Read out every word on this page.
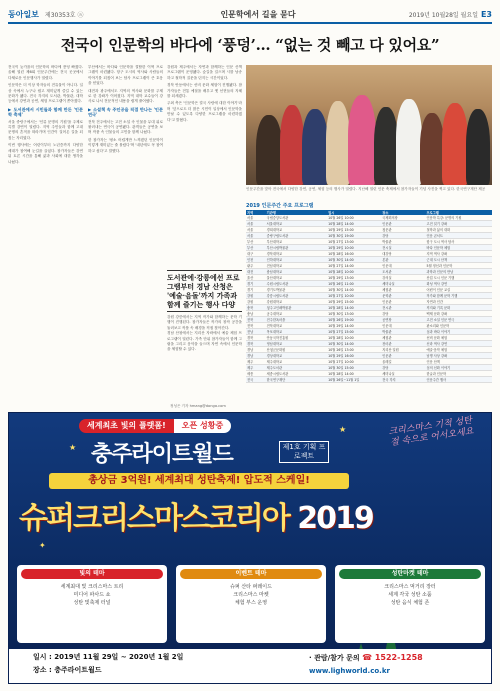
동아일보 제30353호 ⓐ	인문학에서 길을 묻다	2019년 10월28일 월요일 E3
전국이 인문학의 바다에 ‘풍덩’… “없는 것 빼고 다 있어요”

전국이 늦가을의 인문학의 바다에 풍덩 빠졌다. 올해 열린 제6회 인문주간에는 전국 곳곳에서 다채로운 인문행사가 열렸다.

인문학은 더 이상 학자들의 전유물이 아니다. 일상 속에서 누구나 쉽고 재미있게 즐길 수 있는 문화가 됐다. 전국 각지의 도서관, 박물관, 대학 등에서 강연과 공연, 체험 프로그램이 쏟아졌다.

▶ 도서관에서 시민들과 함께 만든 '인문학 축제'

서울 중랑구에서는 '인류 문명의 기원'을 주제로 특별 강연이 열렸다. 지역 주민들과 함께 고대 문명의 흔적을 따라가며 인간이 걸어온 길을 되짚는 자리였다.

이번 행사에는 어린이부터 노년층까지 다양한 세대가 참여해 눈길을 끌었다. 참가자들은 강연 뒤 토론 시간을 통해 삶과 사회에 대한 생각을 나눴다.

부산에서는 바다와 인문학을 결합한 이색 프로그램이 마련됐다. 항구 도시의 역사와 사람들의 이야기를 되짚어 보는 답사 프로그램이 큰 호응을 얻었다.

대전과 광주에서도 지역의 역사와 문화를 주제로 한 강좌가 이어졌다. 지역 대학 교수들이 강사로 나서 전문적인 내용을 쉽게 풀어냈다.

▶ 소설책 속 주인공을 직접 만나는 '인문 연극'

전북 전주에서는 고전 소설 속 인물을 무대 위로 불러내는 연극이 공연됐다. 관객들은 공연을 보며 작품 속 인물들의 고민을 함께 나눴다.

한 참가자는 '평소 어렵게만 느껴졌던 인문학이 이렇게 재미있는 줄 몰랐다'며 '내년에도 꼭 참여하고 싶다'고 말했다.

강원과 제주에서는 자연과 함께하는 인문 산책 프로그램이 운영됐다. 숲길을 걸으며 시를 낭송하고 철학적 질문을 던지는 시간이었다.

경북 안동에서는 선비 문화 체험이 진행됐다. 참가자들은 전통 예절을 배우고 옛 선현들의 지혜를 되새겼다.

주최 측은 '인문학은 결국 사람에 대한 이야기'라며 '앞으로도 더 많은 시민이 일상에서 인문학을 만날 수 있도록 다양한 프로그램을 마련하겠다'고 밝혔다.

인문주간을 맞아 전국에서 다양한 강연, 공연, 체험 등의 행사가 열렸다. 지난해 열린 인문 축제에서 참가자들이 기념 사진을 찍고 있다. 한국연구재단 제공
2019 인문주간 주요 프로그램
지역	기관명	일시	장소	프로그램
서울	국립중앙도서관	10월 26일 10:00	국제회의장	인문학 특강: 문명의 기원
서울	서울대학교	10월 28일 14:00	인문관	고전 읽기 강좌
서울	경희대학교	10월 29일 15:00	청운관	철학과 삶의 대화
서울	중랑구립도서관	10월 30일 19:00	강당	인문 콘서트
부산	부산대학교	10월 27일 13:00	박물관	항구 도시 역사 답사
부산	부산시립박물관	10월 29일 10:00	전시실	바다 인문학 체험
대구	경북대학교	10월 28일 16:00	대강당	지역 역사 강좌
인천	인하대학교	10월 30일 14:00	본관	근대 도시 산책
광주	전남대학교	10월 27일 14:00	인문대	5월 정신과 인문학
대전	충남대학교	10월 28일 10:00	도서관	과학과 인문의 만남
울산	울산대학교	10월 29일 13:00	강의실	산업 도시 인문 기행
경기	수원시립도서관	10월 26일 11:00	세미나실	화성 역사 강연
경기	경기도박물관	10월 30일 14:00	체험관	어린이 인문 교실
강원	강릉시립도서관	10월 27일 10:00	문학관	작가와 함께 문학 기행
강원	강원대학교	10월 29일 15:00	인문관	자연과 인간
충북	청주고인쇄박물관	10월 28일 14:00	전시관	직지와 기록 문화
충남	공주대학교	10월 30일 13:00	강당	백제 문화 강좌
전북	전주한옥마을	10월 26일 19:00	공연장	고전 소설 인문 연극
전북	전북대학교	10월 29일 14:00	인문대	판소리와 인문학
전남	목포대학교	10월 27일 15:00	박물관	섬과 바다 이야기
경북	안동국학진흥원	10월 28일 10:00	체험관	선비 문화 체험
경북	영남대학교	10월 30일 14:00	천마관	신라 역사 강연
경남	산청군문화원	10월 26일 13:00	지리산 일원	예술·음악 체험
경남	경상대학교	10월 29일 16:00	인문관	남명 사상 강좌
제주	제주대학교	10월 27일 10:00	올레길	인문 산책
제주	제주도서관	10월 30일 15:00	강당	섬의 신화 이야기
세종	세종시립도서관	10월 28일 14:00	세미나실	한글과 인문학
전국	한국연구재단	10월 26일~11월 1일	전국 각지	인문주간 행사
도서관에·강릉에선 프로그램부터 경남 산청은 '예술·음돌'까지 가족과 함께 즐기는 행사 다양

강원 강릉에서는 지역 작가와 함께하는 문학 기행이 진행된다. 참가자들은 작가의 창작 공간을 둘러보고 작품 속 배경을 직접 찾아간다.

경남 산청에서는 지리산 자락에서 예술 체험 프로그램이 열린다. 가족 단위 참가자들이 함께 그림을 그리고 음악을 들으며 자연 속에서 인문학을 체험할 수 있다.

정성은 기자 hmang@donga.com
★
★
✦
세계최초 빛의 플랫폼!	오픈 성황중
충주라이트월드	제1호 기획 프로젝트
총상금 3억원! 세계최대 성탄축제! 압도적 스케일!
슈퍼크리스마스코리아 2019
크리스마스 기적 성탄절 속으로 어서오세요
빛의 테마
세계최대 빛 크리스마스 트리
미디어 파사드 쇼
성탄 빛축제 터널
이벤트 테마
슈퍼 산타 퍼레이드
크리스마스 마켓
체험 부스 운영
성탄마켓 테마
크리스마스 먹거리 장터
세계 각국 성탄 소품
성탄 음식 체험 존
일시 : 2019년 11월 29일 ~ 2020년 1월 2일
장소 : 충주라이트월드
· 관람/참가 문의 ☎ 1522-1258
www.lighworld.co.kr
